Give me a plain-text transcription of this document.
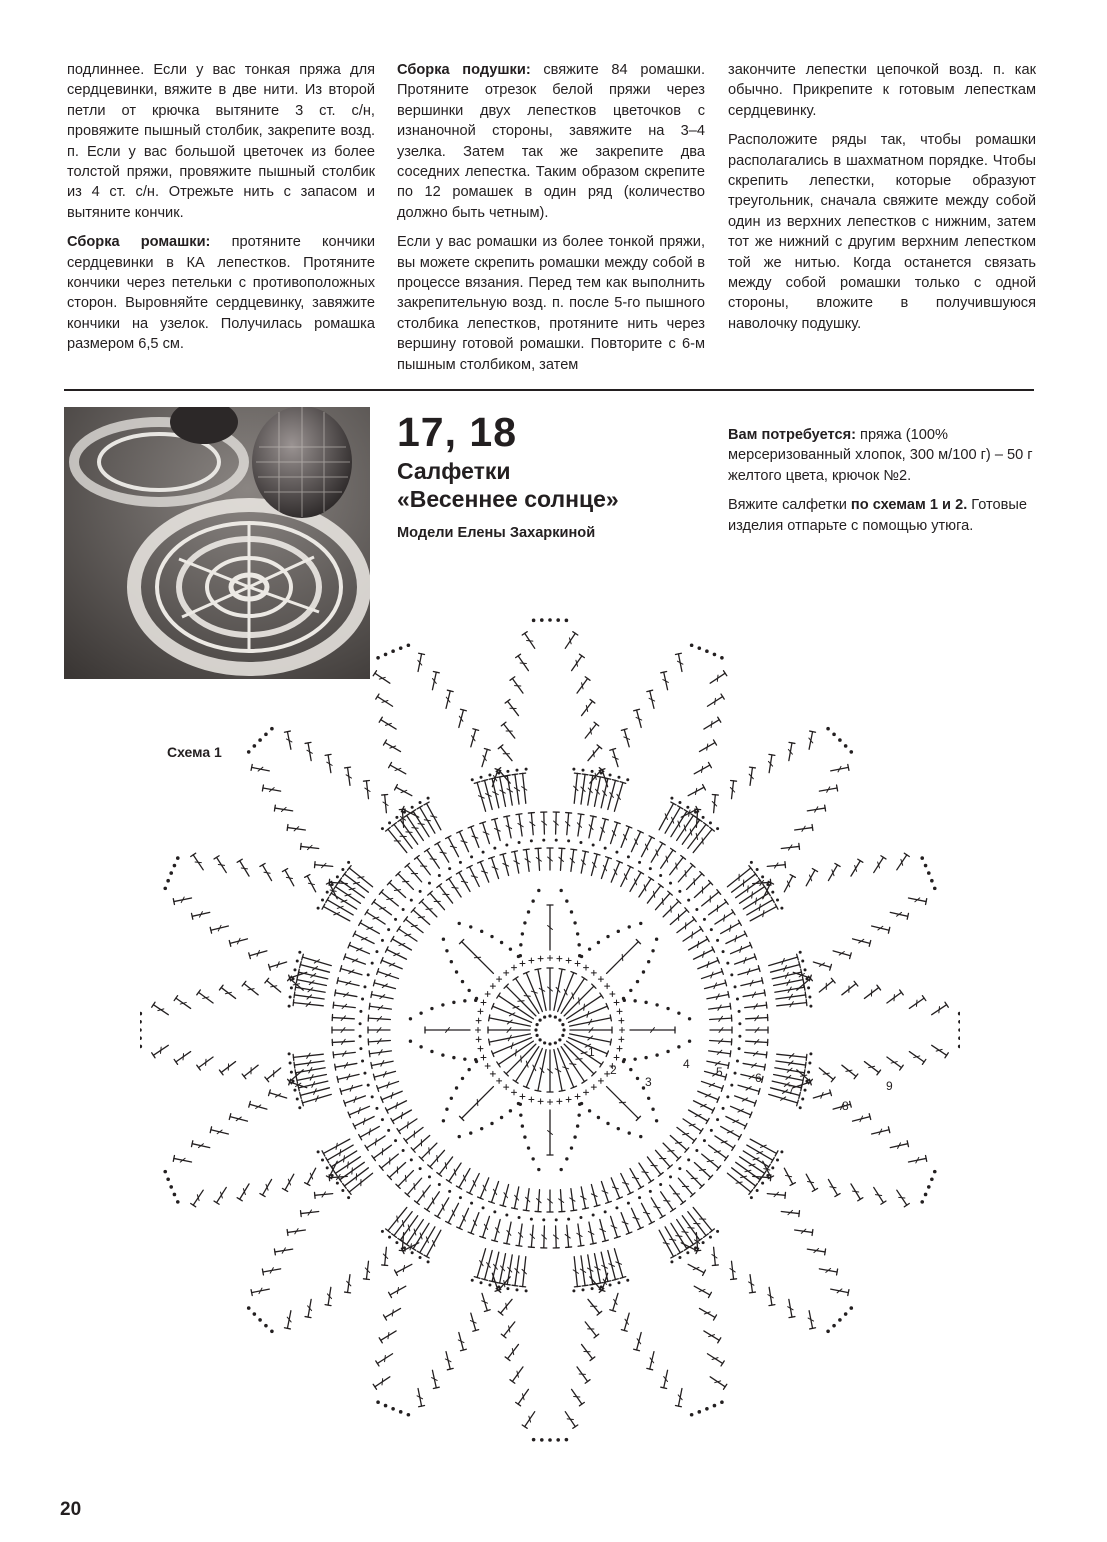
подлиннее. Если у вас тонкая пряжа для сердцевинки, вяжите в две нити. Из второй петли от крючка вытяните 3 ст. с/н, провяжите пышный столбик, закрепите возд. п. Если у вас большой цветочек из более толстой пряжи, провяжите пышный столбик из 4 ст. с/н. Отрежьте нить с запасом и вытяните кончик.

Сборка ромашки: протяните кончики сердцевинки в КА лепестков. Протяните кончики через петельки с противоположных сторон. Выровняйте сердцевинку, завяжите кончики на узелок. Получилась ромашка размером 6,5 см.

Сборка подушки: свяжите 84 ромашки. Протяните отрезок белой пряжи через вершинки двух лепестков цветочков с изнаночной стороны, завяжите на 3–4 узелка. Затем так же закрепите два соседних лепестка. Таким образом скрепите по 12 ромашек в один ряд (количество должно быть четным).

Если у вас ромашки из более тонкой пряжи, вы можете скрепить ромашки между собой в процессе вязания. Перед тем как выполнить закрепительную возд. п. после 5-го пышного столбика лепестков, протяните нить через вершину готовой ромашки. Повторите с 6-м пышным столбиком, затем

закончите лепестки цепочкой возд. п. как обычно. Прикрепите к готовым лепесткам сердцевинку.

Расположите ряды так, чтобы ромашки располагались в шахматном порядке. Чтобы скрепить лепестки, которые образуют треугольник, сначала свяжите между собой один из верхних лепестков с нижним, затем тот же нижний с другим верхним лепестком той же нитью. Когда останется связать между собой ромашки только с одной стороны, вложите в получившуюся наволочку подушку.

17, 18
Салфетки
«Весеннее солнце»
Модели Елены Захаркиной

Вам потребуется: пряжа (100% мерсеризованный хлопок, 300 м/100 г) – 50 г желтого цвета, крючок №2.

Вяжите салфетки по схемам 1 и 2. Готовые изделия отпарьте с помощью утюга.

Схема 1
1
2
3
4
5	6
7
8
9
20
